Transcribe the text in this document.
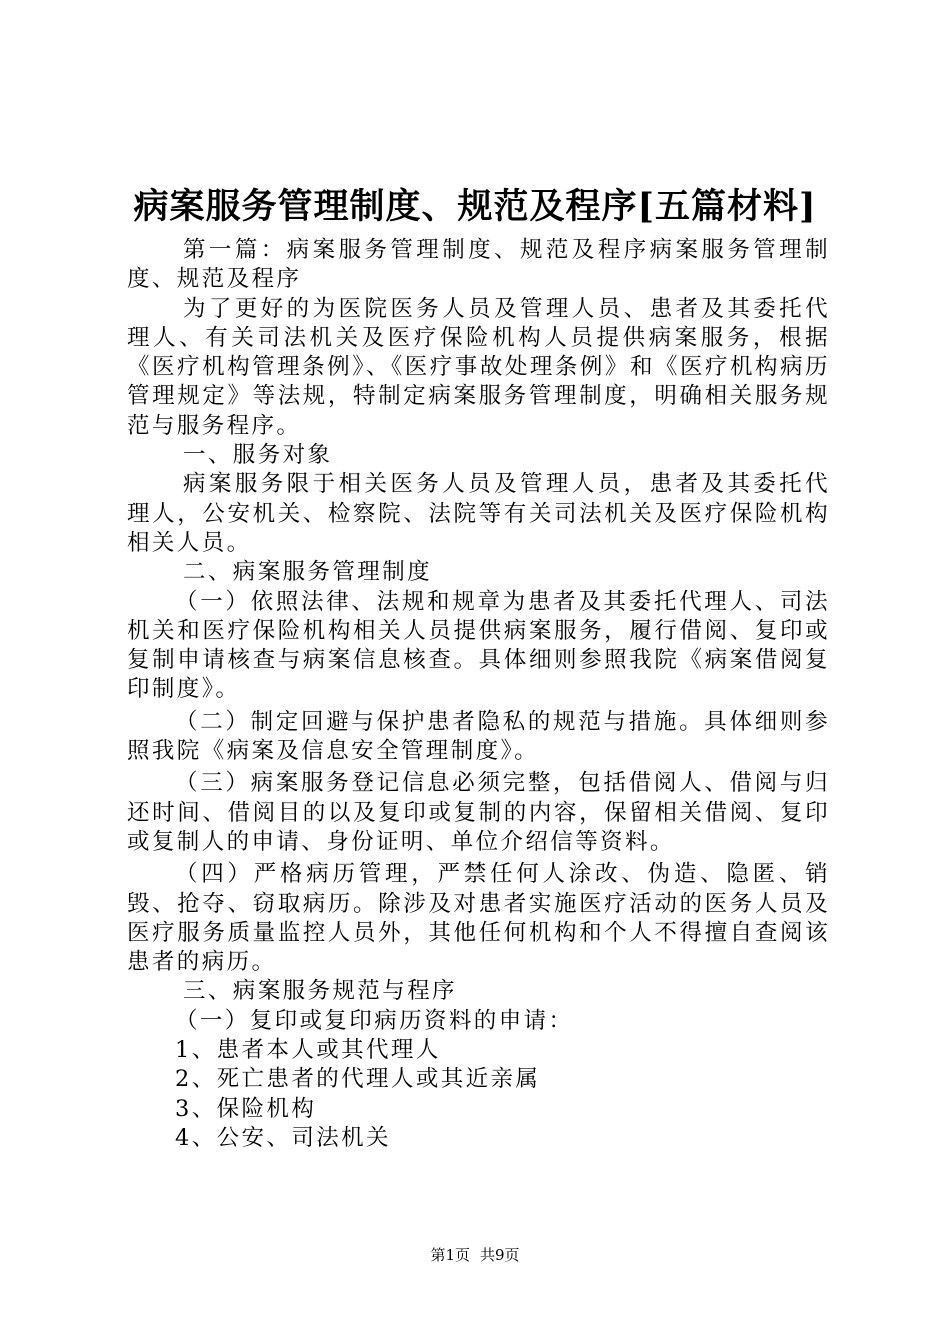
病案服务管理制度、规范及程序[五篇材料]

第一篇：病案服务管理制度、规范及程序病案服务管理制度、规范及程序

为了更好的为医院医务人员及管理人员、患者及其委托代理人、有关司法机关及医疗保险机构人员提供病案服务，根据《医疗机构管理条例》、《医疗事故处理条例》和《医疗机构病历管理规定》等法规，特制定病案服务管理制度，明确相关服务规范与服务程序。

一、服务对象

病案服务限于相关医务人员及管理人员，患者及其委托代理人，公安机关、检察院、法院等有关司法机关及医疗保险机构相关人员。

二、病案服务管理制度

（一）依照法律、法规和规章为患者及其委托代理人、司法机关和医疗保险机构相关人员提供病案服务，履行借阅、复印或复制申请核查与病案信息核查。具体细则参照我院《病案借阅复印制度》。

（二）制定回避与保护患者隐私的规范与措施。具体细则参照我院《病案及信息安全管理制度》。

（三）病案服务登记信息必须完整，包括借阅人、借阅与归还时间、借阅目的以及复印或复制的内容，保留相关借阅、复印或复制人的申请、身份证明、单位介绍信等资料。

（四）严格病历管理，严禁任何人涂改、伪造、隐匿、销毁、抢夺、窃取病历。除涉及对患者实施医疗活动的医务人员及医疗服务质量监控人员外，其他任何机构和个人不得擅自查阅该患者的病历。

三、病案服务规范与程序

（一）复印或复印病历资料的申请：

1、患者本人或其代理人

2、死亡患者的代理人或其近亲属

3、保险机构

4、公安、司法机关

第1页 共9页
